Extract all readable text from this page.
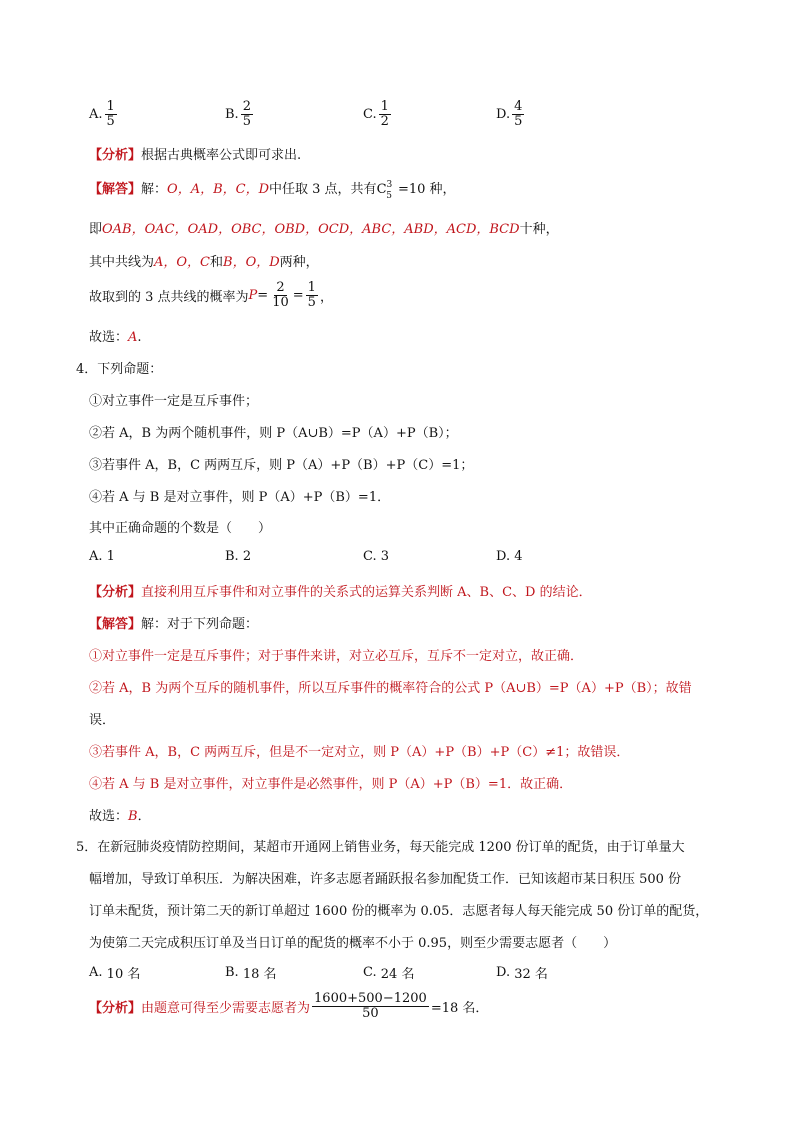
A. $\frac{1}{5}$	B. $\frac{2}{5}$	C. $\frac{1}{2}$	D. $\frac{4}{5}$
【分析】根据古典概率公式即可求出.
【解答】解：O，A，B，C，D中任取 3 点，共有$C^3_5 =10$ 种，
即OAB，OAC，OAD，OBC，OBD，OCD，ABC，ABD，ACD，BCD十种，
其中共线为A，O，C和B，O，D两种，
故取到的 3 点共线的概率为 $P = \frac{2}{10} = \frac{1}{5}$ ，
故选：A.
4．下列命题：
①对立事件一定是互斥事件；
②若 A，B 为两个随机事件，则 P（A∪B）=P（A）+P（B）；
③若事件 A，B，C 两两互斥，则 P（A）+P（B）+P（C）=1；
④若 A 与 B 是对立事件，则 P（A）+P（B）=1．
其中正确命题的个数是（　　）
A.
1	B.
2	C.
3	D.
4
【分析】直接利用互斥事件和对立事件的关系式的运算关系判断 A、B、C、D 的结论．
【解答】解：对于下列命题：
①对立事件一定是互斥事件；对于事件来讲，对立必互斥，互斥不一定对立，故正确．
②若 A，B 为两个互斥的随机事件，所以互斥事件的概率符合的公式 P（A∪B）=P（A）+P（B）；故错
误．
③若事件 A，B，C 两两互斥，但是不一定对立，则 P（A）+P（B）+P（C）≠1；故错误．
④若 A 与 B 是对立事件，对立事件是必然事件，则 P（A）+P（B）=1．故正确．
故选：B．
5．在新冠肺炎疫情防控期间，某超市开通网上销售业务，每天能完成 1200 份订单的配货，由于订单量大
幅增加，导致订单积压．为解决困难，许多志愿者踊跃报名参加配货工作．已知该超市某日积压 500 份
订单未配货，预计第二天的新订单超过 1600 份的概率为 0.05．志愿者每人每天能完成 50 份订单的配货，
为使第二天完成积压订单及当日订单的配货的概率不小于 0.95，则至少需要志愿者（　　）
A.
10 名	B.
18 名	C.
24 名	D.
32 名
【分析】 由题意可得至少需要志愿者为 $\frac{1600+500-1200}{50} =18$ 名．
